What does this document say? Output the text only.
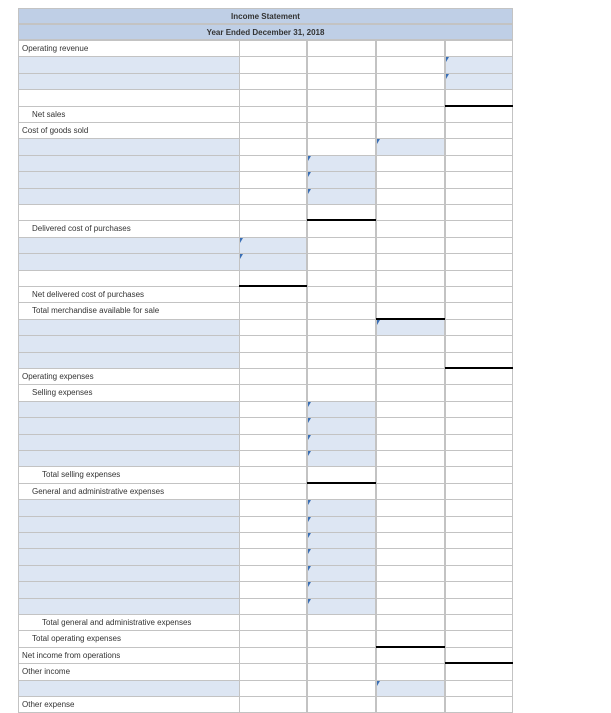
Income Statement
Year Ended December 31, 2018
Operating revenue
Net sales
Cost of goods sold
Delivered cost of purchases
Net delivered cost of purchases
Total merchandise available for sale
Operating expenses
Selling expenses
Total selling expenses
General and administrative expenses
Total general and administrative expenses
Total operating expenses
Net income from operations
Other income
Other expense
